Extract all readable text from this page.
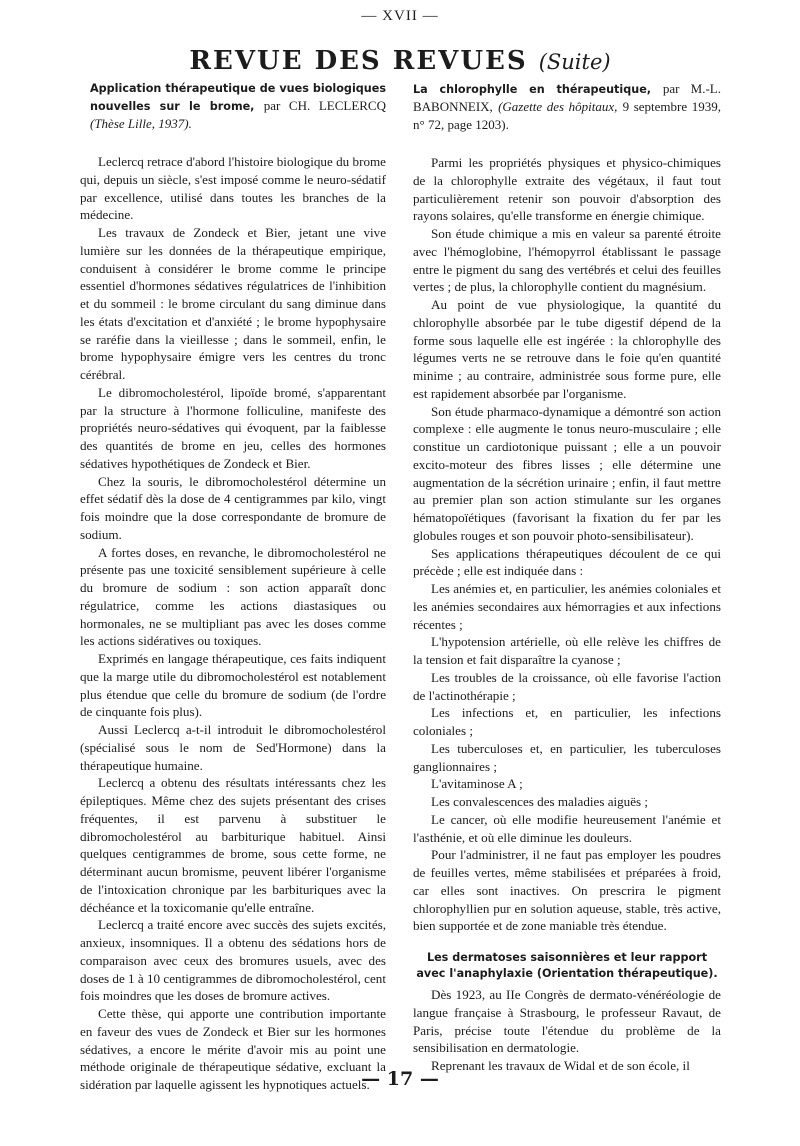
— XVII —
REVUE DES REVUES (Suite)

Application thérapeutique de vues biologiques nouvelles sur le brome, par CH. LECLERCQ (Thèse Lille, 1937).

Leclercq retrace d'abord l'histoire biologique du brome qui, depuis un siècle, s'est imposé comme le neuro-sédatif par excellence, utilisé dans toutes les branches de la médecine.

Les travaux de Zondeck et Bier, jetant une vive lumière sur les données de la thérapeutique empirique, conduisent à considérer le brome comme le principe essentiel d'hormones sédatives régulatrices de l'inhibition et du sommeil : le brome circulant du sang diminue dans les états d'excitation et d'anxiété ; le brome hypophysaire se raréfie dans la vieillesse ; dans le sommeil, enfin, le brome hypophysaire émigre vers les centres du tronc cérébral.

Le dibromocholestérol, lipoïde bromé, s'apparentant par la structure à l'hormone folliculine, manifeste des propriétés neuro-sédatives qui évoquent, par la faiblesse des quantités de brome en jeu, celles des hormones sédatives hypothétiques de Zondeck et Bier.

Chez la souris, le dibromocholestérol détermine un effet sédatif dès la dose de 4 centigrammes par kilo, vingt fois moindre que la dose correspondante de bromure de sodium.

A fortes doses, en revanche, le dibromocholestérol ne présente pas une toxicité sensiblement supérieure à celle du bromure de sodium : son action apparaît donc régulatrice, comme les actions diastasiques ou hormonales, ne se multipliant pas avec les doses comme les actions sidératives ou toxiques.

Exprimés en langage thérapeutique, ces faits indiquent que la marge utile du dibromocholestérol est notablement plus étendue que celle du bromure de sodium (de l'ordre de cinquante fois plus).

Aussi Leclercq a-t-il introduit le dibromocholestérol (spécialisé sous le nom de Sed'Hormone) dans la thérapeutique humaine.

Leclercq a obtenu des résultats intéressants chez les épileptiques. Même chez des sujets présentant des crises fréquentes, il est parvenu à substituer le dibromocholestérol au barbiturique habituel. Ainsi quelques centigrammes de brome, sous cette forme, ne déterminant aucun bromisme, peuvent libérer l'organisme de l'intoxication chronique par les barbituriques avec la déchéance et la toxicomanie qu'elle entraîne.

Leclercq a traité encore avec succès des sujets excités, anxieux, insomniques. Il a obtenu des sédations hors de comparaison avec ceux des bromures usuels, avec des doses de 1 à 10 centigrammes de dibromocholestérol, cent fois moindres que les doses de bromure actives.

Cette thèse, qui apporte une contribution importante en faveur des vues de Zondeck et Bier sur les hormones sédatives, a encore le mérite d'avoir mis au point une méthode originale de thérapeutique sédative, excluant la sidération par laquelle agissent les hypnotiques actuels.

La chlorophylle en thérapeutique, par M.-L. BABONNEIX, (Gazette des hôpitaux, 9 septembre 1939, n° 72, page 1203).

Parmi les propriétés physiques et physico-chimiques de la chlorophylle extraite des végétaux, il faut tout particulièrement retenir son pouvoir d'absorption des rayons solaires, qu'elle transforme en énergie chimique.

Son étude chimique a mis en valeur sa parenté étroite avec l'hémoglobine, l'hémopyrrol établissant le passage entre le pigment du sang des vertébrés et celui des feuilles vertes ; de plus, la chlorophylle contient du magnésium.

Au point de vue physiologique, la quantité du chlorophylle absorbée par le tube digestif dépend de la forme sous laquelle elle est ingérée : la chlorophylle des légumes verts ne se retrouve dans le foie qu'en quantité minime ; au contraire, administrée sous forme pure, elle est rapidement absorbée par l'organisme.

Son étude pharmaco-dynamique a démontré son action complexe : elle augmente le tonus neuro-musculaire ; elle constitue un cardiotonique puissant ; elle a un pouvoir excito-moteur des fibres lisses ; elle détermine une augmentation de la sécrétion urinaire ; enfin, il faut mettre au premier plan son action stimulante sur les organes hématopoïétiques (favorisant la fixation du fer par les globules rouges et son pouvoir photo-sensibilisateur).

Ses applications thérapeutiques découlent de ce qui précède ; elle est indiquée dans :

Les anémies et, en particulier, les anémies coloniales et les anémies secondaires aux hémorragies et aux infections récentes ;

L'hypotension artérielle, où elle relève les chiffres de la tension et fait disparaître la cyanose ;

Les troubles de la croissance, où elle favorise l'action de l'actinothérapie ;

Les infections et, en particulier, les infections coloniales ;

Les tuberculoses et, en particulier, les tuberculoses ganglionnaires ;

L'avitaminose A ;

Les convalescences des maladies aiguës ;

Le cancer, où elle modifie heureusement l'anémie et l'asthénie, et où elle diminue les douleurs.

Pour l'administrer, il ne faut pas employer les poudres de feuilles vertes, même stabilisées et préparées à froid, car elles sont inactives. On prescrira le pigment chlorophyllien pur en solution aqueuse, stable, très active, bien supportée et de zone maniable très étendue.

Les dermatoses saisonnières et leur rapport avec l'anaphylaxie (Orientation thérapeutique).

Dès 1923, au IIe Congrès de dermato-vénéréologie de langue française à Strasbourg, le professeur Ravaut, de Paris, précise toute l'étendue du problème de la sensibilisation en dermatologie.

Reprenant les travaux de Widal et de son école, il

— 17 —
